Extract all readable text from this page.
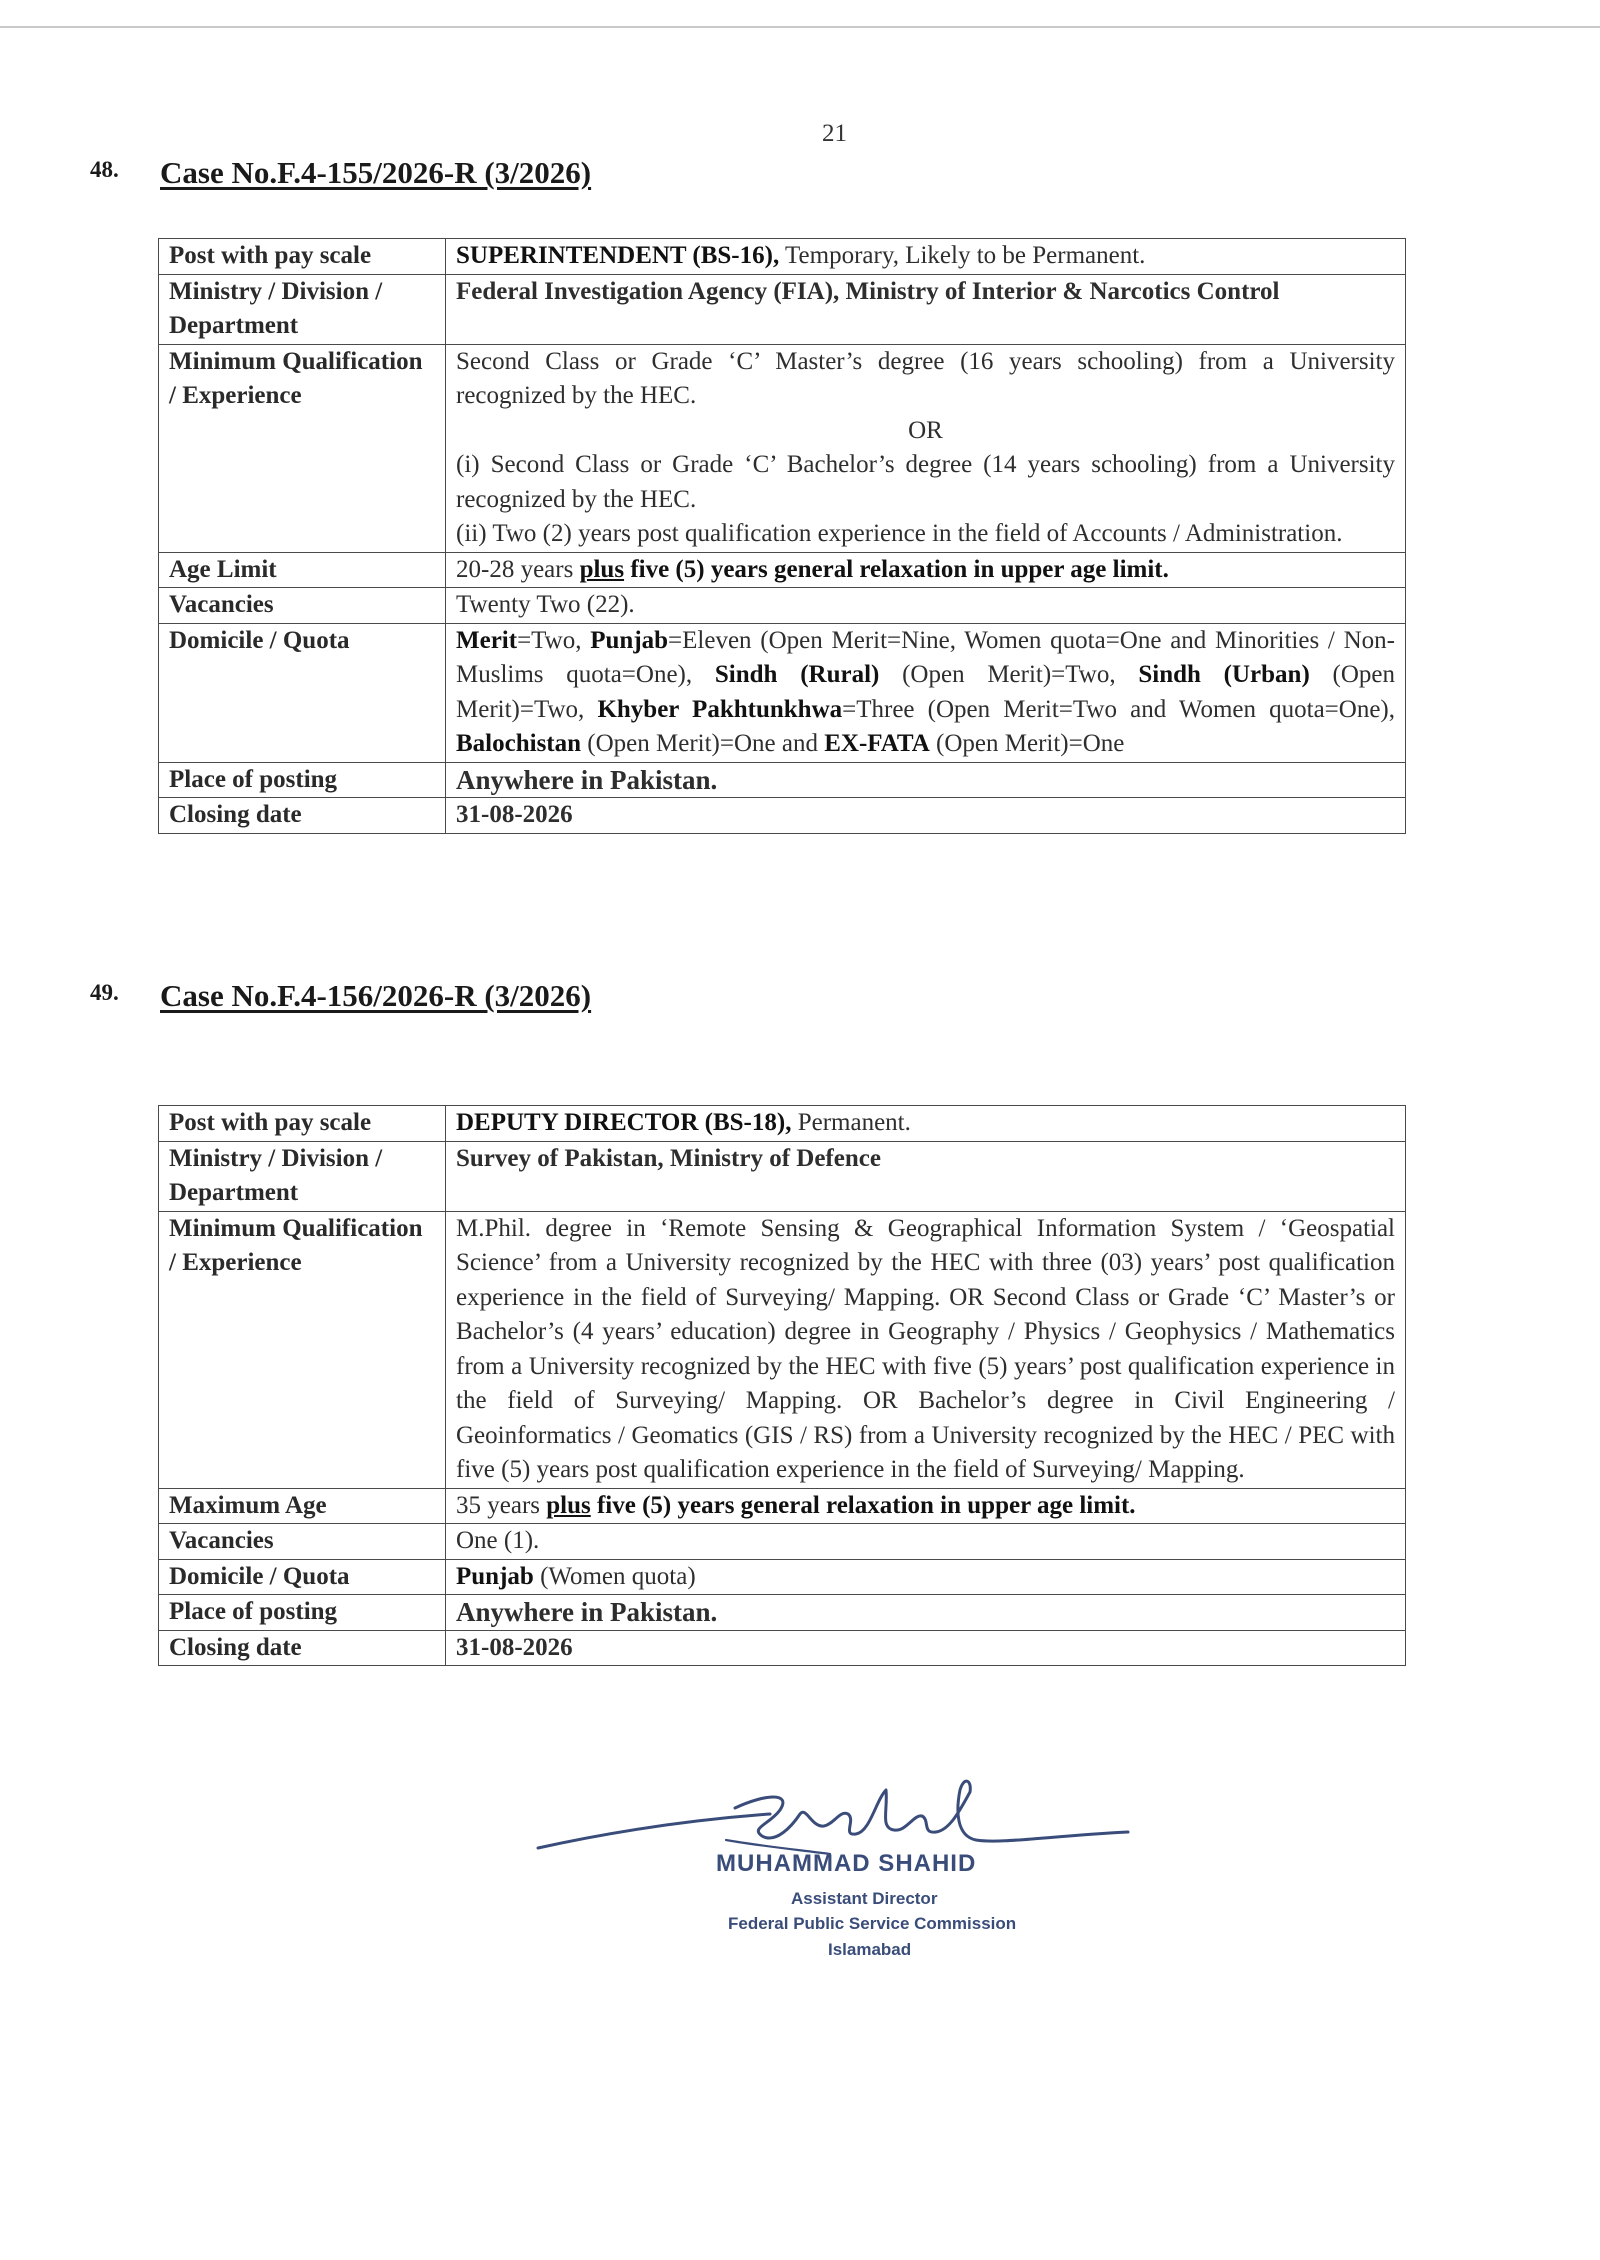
21
48. Case No.F.4-155/2026-R (3/2026)
Post with pay scale	SUPERINTENDENT (BS-16), Temporary, Likely to be Permanent.
Ministry / Division / Department	Federal Investigation Agency (FIA), Ministry of Interior & Narcotics Control
Minimum Qualification / Experience	Second Class or Grade ‘C’ Master’s degree (16 years schooling) from a University recognized by the HEC.
OR
(i) Second Class or Grade ‘C’ Bachelor’s degree (14 years schooling) from a University recognized by the HEC.
(ii) Two (2) years post qualification experience in the field of Accounts / Administration.

Age Limit	20-28 years plus five (5) years general relaxation in upper age limit.
Vacancies	Twenty Two (22).
Domicile / Quota	Merit=Two, Punjab=Eleven (Open Merit=Nine, Women quota=One and Minorities / Non-Muslims quota=One), Sindh (Rural) (Open Merit)=Two, Sindh (Urban) (Open Merit)=Two, Khyber Pakhtunkhwa=Three (Open Merit=Two and Women quota=One), Balochistan (Open Merit)=One and EX-FATA (Open Merit)=One
Place of posting	Anywhere in Pakistan.
Closing date	31-08-2026
49. Case No.F.4-156/2026-R (3/2026)
Post with pay scale	DEPUTY DIRECTOR (BS-18), Permanent.
Ministry / Division / Department	Survey of Pakistan, Ministry of Defence
Minimum Qualification / Experience	M.Phil. degree in ‘Remote Sensing & Geographical Information System / ‘Geospatial Science’ from a University recognized by the HEC with three (03) years’ post qualification experience in the field of Surveying/ Mapping. OR Second Class or Grade ‘C’ Master’s or Bachelor’s (4 years’ education) degree in Geography / Physics / Geophysics / Mathematics from a University recognized by the HEC with five (5) years’ post qualification experience in the field of Surveying/ Mapping. OR Bachelor’s degree in Civil Engineering / Geoinformatics / Geomatics (GIS / RS) from a University recognized by the HEC / PEC with five (5) years post qualification experience in the field of Surveying/ Mapping.
Maximum Age	35 years plus five (5) years general relaxation in upper age limit.
Vacancies	One (1).
Domicile / Quota	Punjab (Women quota)
Place of posting	Anywhere in Pakistan.
Closing date	31-08-2026
MUHAMMAD SHAHID
Assistant Director
Federal Public Service Commission
Islamabad
